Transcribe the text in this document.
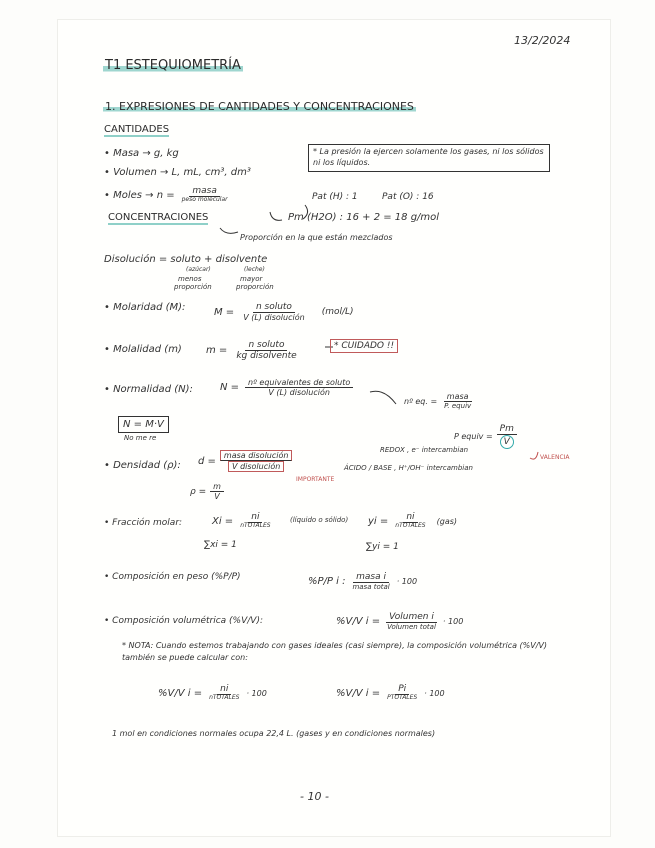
13/2/2024
T1 ESTEQUIOMETRÍA
1. EXPRESIONES DE CANTIDADES Y CONCENTRACIONES
CANTIDADES
• Masa → g, kg
• Volumen → L, mL, cm³, dm³
• Moles → $n = \frac{\text{masa}}{\text{peso molecular}}$
* La presión la ejercen solamente los gases, ni los sólidos ni los líquidos.
Pat (H) : 1	Pat (O) : 16
Pm (H2O) : 16 + 2 = 18 g/mol
CONCENTRACIONES
Proporción en la que están mezclados
Disolución = soluto + disolvente
(azúcar)	(leche)
menos
proporción
mayor
proporción
• Molaridad (M):	$M = \frac{\text{n soluto}}{\text{V (L) disolución}} (mol/L)$
• Molalidad (m) $m = \frac{\text{n soluto}}{\text{kg disolvente}}$	* CUIDADO !!
• Normalidad (N):	$N = \frac{\text{nº equivalentes de soluto}}{\text{V (L) disolución}}$
nº eq. = $\frac{\text{masa}}{\text{P. equiv}}$
N = M·V
No me re	P equiv = $\frac{Pm}{V}$
VALENCIA
REDOX , e⁻ intercambian
ÁCIDO / BASE , H⁺/OH⁻ intercambian
• Densidad (ρ): $d = \frac{\text{masa disolución}}{\text{V disolución}}$
IMPORTANTE
$\rho = \frac{m}{V}$
• Fracción molar:	$Xi = \frac{ni}{\text{nTOTALES}}$ (líquido o sólido)
∑xi = 1
yi = $\frac{ni}{\text{nTOTALES}} (gas)$
∑yi = 1
• Composición en peso (%P/P)	%P/P i : $\frac{\text{masa i}}{\text{masa total}} \cdot 100$
• Composición volumétrica (%V/V):	%V/V $i = \frac{\text{Volumen i}}{\text{Volumen total}} \cdot 100$
* NOTA: Cuando estemos trabajando con gases ideales (casi siempre), la composición volumétrica (%V/V) también se puede calcular con:
%V/V $i = \frac{ni}{\text{nTOTALES}} \cdot 100$	%V/V $i = \frac{Pi}{\text{PTOTALES}} \cdot 100$
1 mol en condiciones normales ocupa 22,4 L. (gases y en condiciones normales)
- 10 -
